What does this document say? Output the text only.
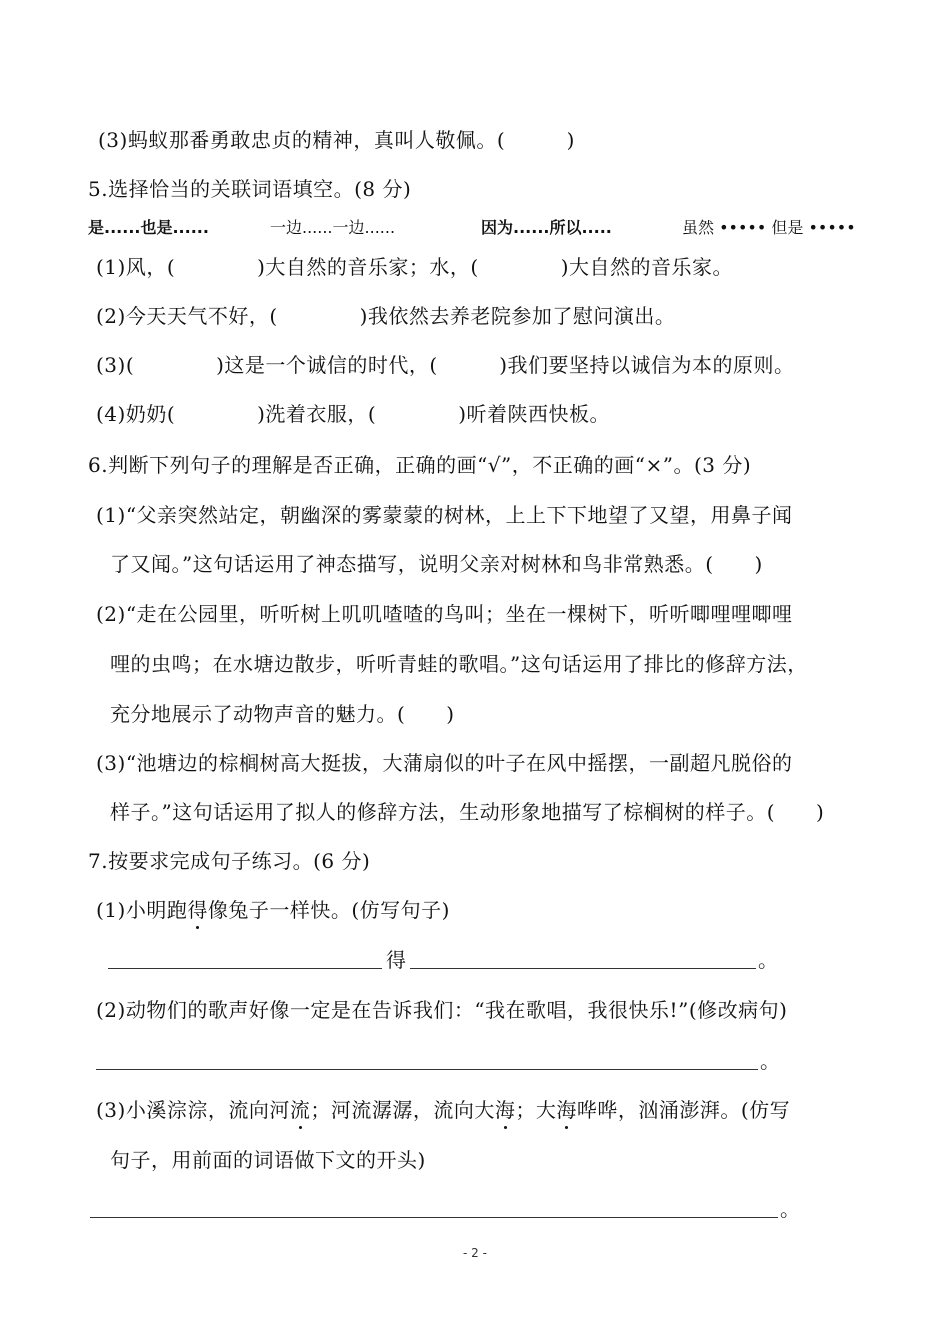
(3)蚂蚁那番勇敢忠贞的精神，真叫人敬佩。(　　　)
5.选择恰当的关联词语填空。(8 分)
是......也是......	一边......一边......	因为......所以.....	虽然 ••••• 但是 •••••
(1)风，(　　　　)大自然的音乐家；水，(　　　　)大自然的音乐家。
(2)今天天气不好，(　　　　)我依然去养老院参加了慰问演出。
(3)(　　　　)这是一个诚信的时代，(　　　)我们要坚持以诚信为本的原则。
(4)奶奶(　　　　)洗着衣服，(　　　　)听着陕西快板。
6.判断下列句子的理解是否正确，正确的画“√”，不正确的画“×”。(3 分)
(1)“父亲突然站定，朝幽深的雾蒙蒙的树林，上上下下地望了又望，用鼻子闻
了又闻。”这句话运用了神态描写，说明父亲对树林和鸟非常熟悉。(　　)
(2)“走在公园里，听听树上叽叽喳喳的鸟叫；坐在一棵树下，听听唧哩哩唧哩
哩的虫鸣；在水塘边散步，听听青蛙的歌唱。”这句话运用了排比的修辞方法，
充分地展示了动物声音的魅力。(　　)
(3)“池塘边的棕榈树高大挺拔，大蒲扇似的叶子在风中摇摆，一副超凡脱俗的
样子。”这句话运用了拟人的修辞方法，生动形象地描写了棕榈树的样子。(　　)
7.按要求完成句子练习。(6 分)
(1)小明跑得像兔子一样快。(仿写句子)
得	。
(2)动物们的歌声好像一定是在告诉我们：“我在歌唱，我很快乐!”(修改病句)
。
(3)小溪淙淙，流向河流；河流潺潺，流向大海；大海哗哗，汹涌澎湃。(仿写
句子，用前面的词语做下文的开头)
。
- 2 -
